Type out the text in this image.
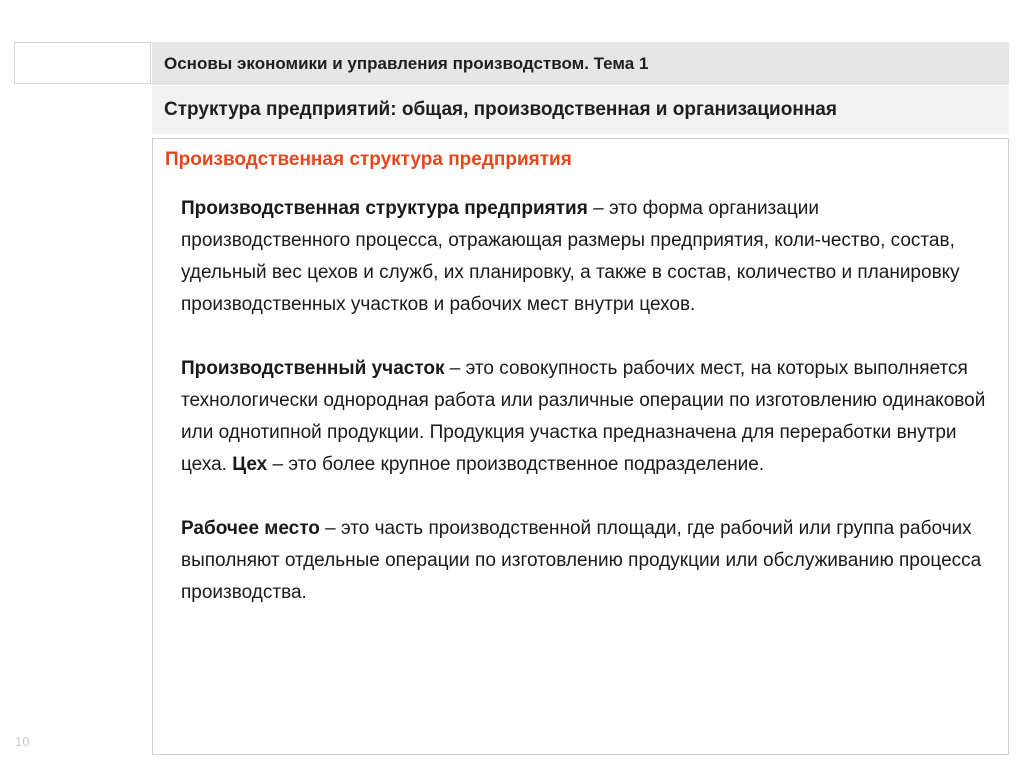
Основы экономики и управления производством. Тема 1
Структура предприятий: общая, производственная и организационная
Производственная структура предприятия

Производственная структура предприятия – это форма организации производственного процесса, отражающая размеры предприятия, коли-чество, состав, удельный вес цехов и служб, их планировку, а также в состав, количество и планировку производственных участков и рабочих мест внутри цехов.

Производственный участок – это совокупность рабочих мест, на которых выполняется технологически однородная работа или различные операции по изготовлению одинаковой или однотипной продукции. Продукция участка предназначена для переработки внутри цеха. Цех – это более крупное производственное подразделение.

Рабочее место – это часть производственной площади, где рабочий или группа рабочих выполняют отдельные операции по изготовлению продукции или обслуживанию процесса производства.

10
